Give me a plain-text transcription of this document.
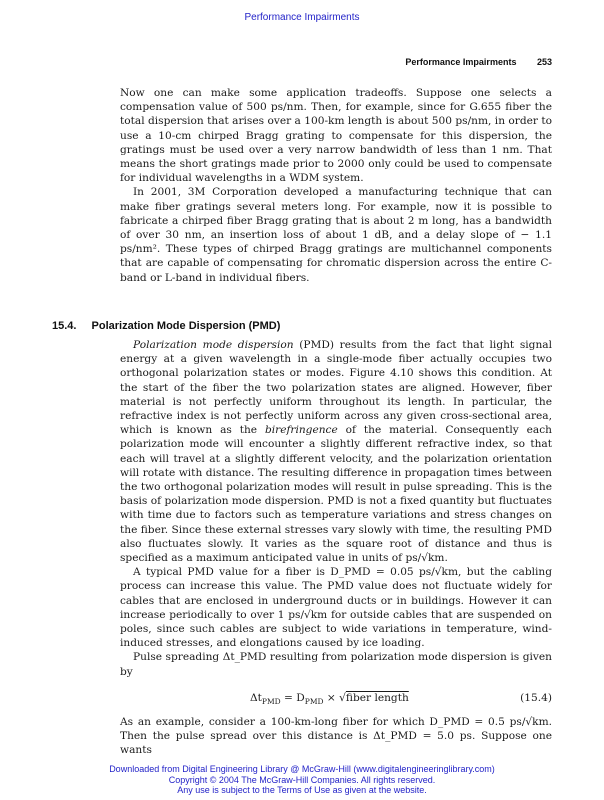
Performance Impairments
Performance Impairments 253

Now one can make some application tradeoffs. Suppose one selects a compensation value of 500 ps/nm. Then, for example, since for G.655 fiber the total dispersion that arises over a 100-km length is about 500 ps/nm, in order to use a 10-cm chirped Bragg grating to compensate for this dispersion, the gratings must be used over a very narrow bandwidth of less than 1 nm. That means the short gratings made prior to 2000 only could be used to compensate for individual wavelengths in a WDM system.

In 2001, 3M Corporation developed a manufacturing technique that can make fiber gratings several meters long. For example, now it is possible to fabricate a chirped fiber Bragg grating that is about 2 m long, has a bandwidth of over 30 nm, an insertion loss of about 1 dB, and a delay slope of − 1.1 ps/nm². These types of chirped Bragg gratings are multichannel components that are capable of compensating for chromatic dispersion across the entire C-band or L-band in individual fibers.

15.4. Polarization Mode Dispersion (PMD)

Polarization mode dispersion (PMD) results from the fact that light signal energy at a given wavelength in a single-mode fiber actually occupies two orthogonal polarization states or modes. Figure 4.10 shows this condition. At the start of the fiber the two polarization states are aligned. However, fiber material is not perfectly uniform throughout its length. In particular, the refractive index is not perfectly uniform across any given cross-sectional area, which is known as the birefringence of the material. Consequently each polarization mode will encounter a slightly different refractive index, so that each will travel at a slightly different velocity, and the polarization orientation will rotate with distance. The resulting difference in propagation times between the two orthogonal polarization modes will result in pulse spreading. This is the basis of polarization mode dispersion. PMD is not a fixed quantity but fluctuates with time due to factors such as temperature variations and stress changes on the fiber. Since these external stresses vary slowly with time, the resulting PMD also fluctuates slowly. It varies as the square root of distance and thus is specified as a maximum anticipated value in units of ps/√km.

A typical PMD value for a fiber is D_PMD = 0.05 ps/√km, but the cabling process can increase this value. The PMD value does not fluctuate widely for cables that are enclosed in underground ducts or in buildings. However it can increase periodically to over 1 ps/√km for outside cables that are suspended on poles, since such cables are subject to wide variations in temperature, wind-induced stresses, and elongations caused by ice loading.

Pulse spreading Δt_PMD resulting from polarization mode dispersion is given by

$\Delta t_{PMD} = D_{PMD}$ × √fiber length	(15.4)

As an example, consider a 100-km-long fiber for which D_PMD = 0.5 ps/√km. Then the pulse spread over this distance is Δt_PMD = 5.0 ps. Suppose one wants

Downloaded from Digital Engineering Library @ McGraw-Hill (www.digitalengineeringlibrary.com)
Copyright © 2004 The McGraw-Hill Companies. All rights reserved.
Any use is subject to the Terms of Use as given at the website.
